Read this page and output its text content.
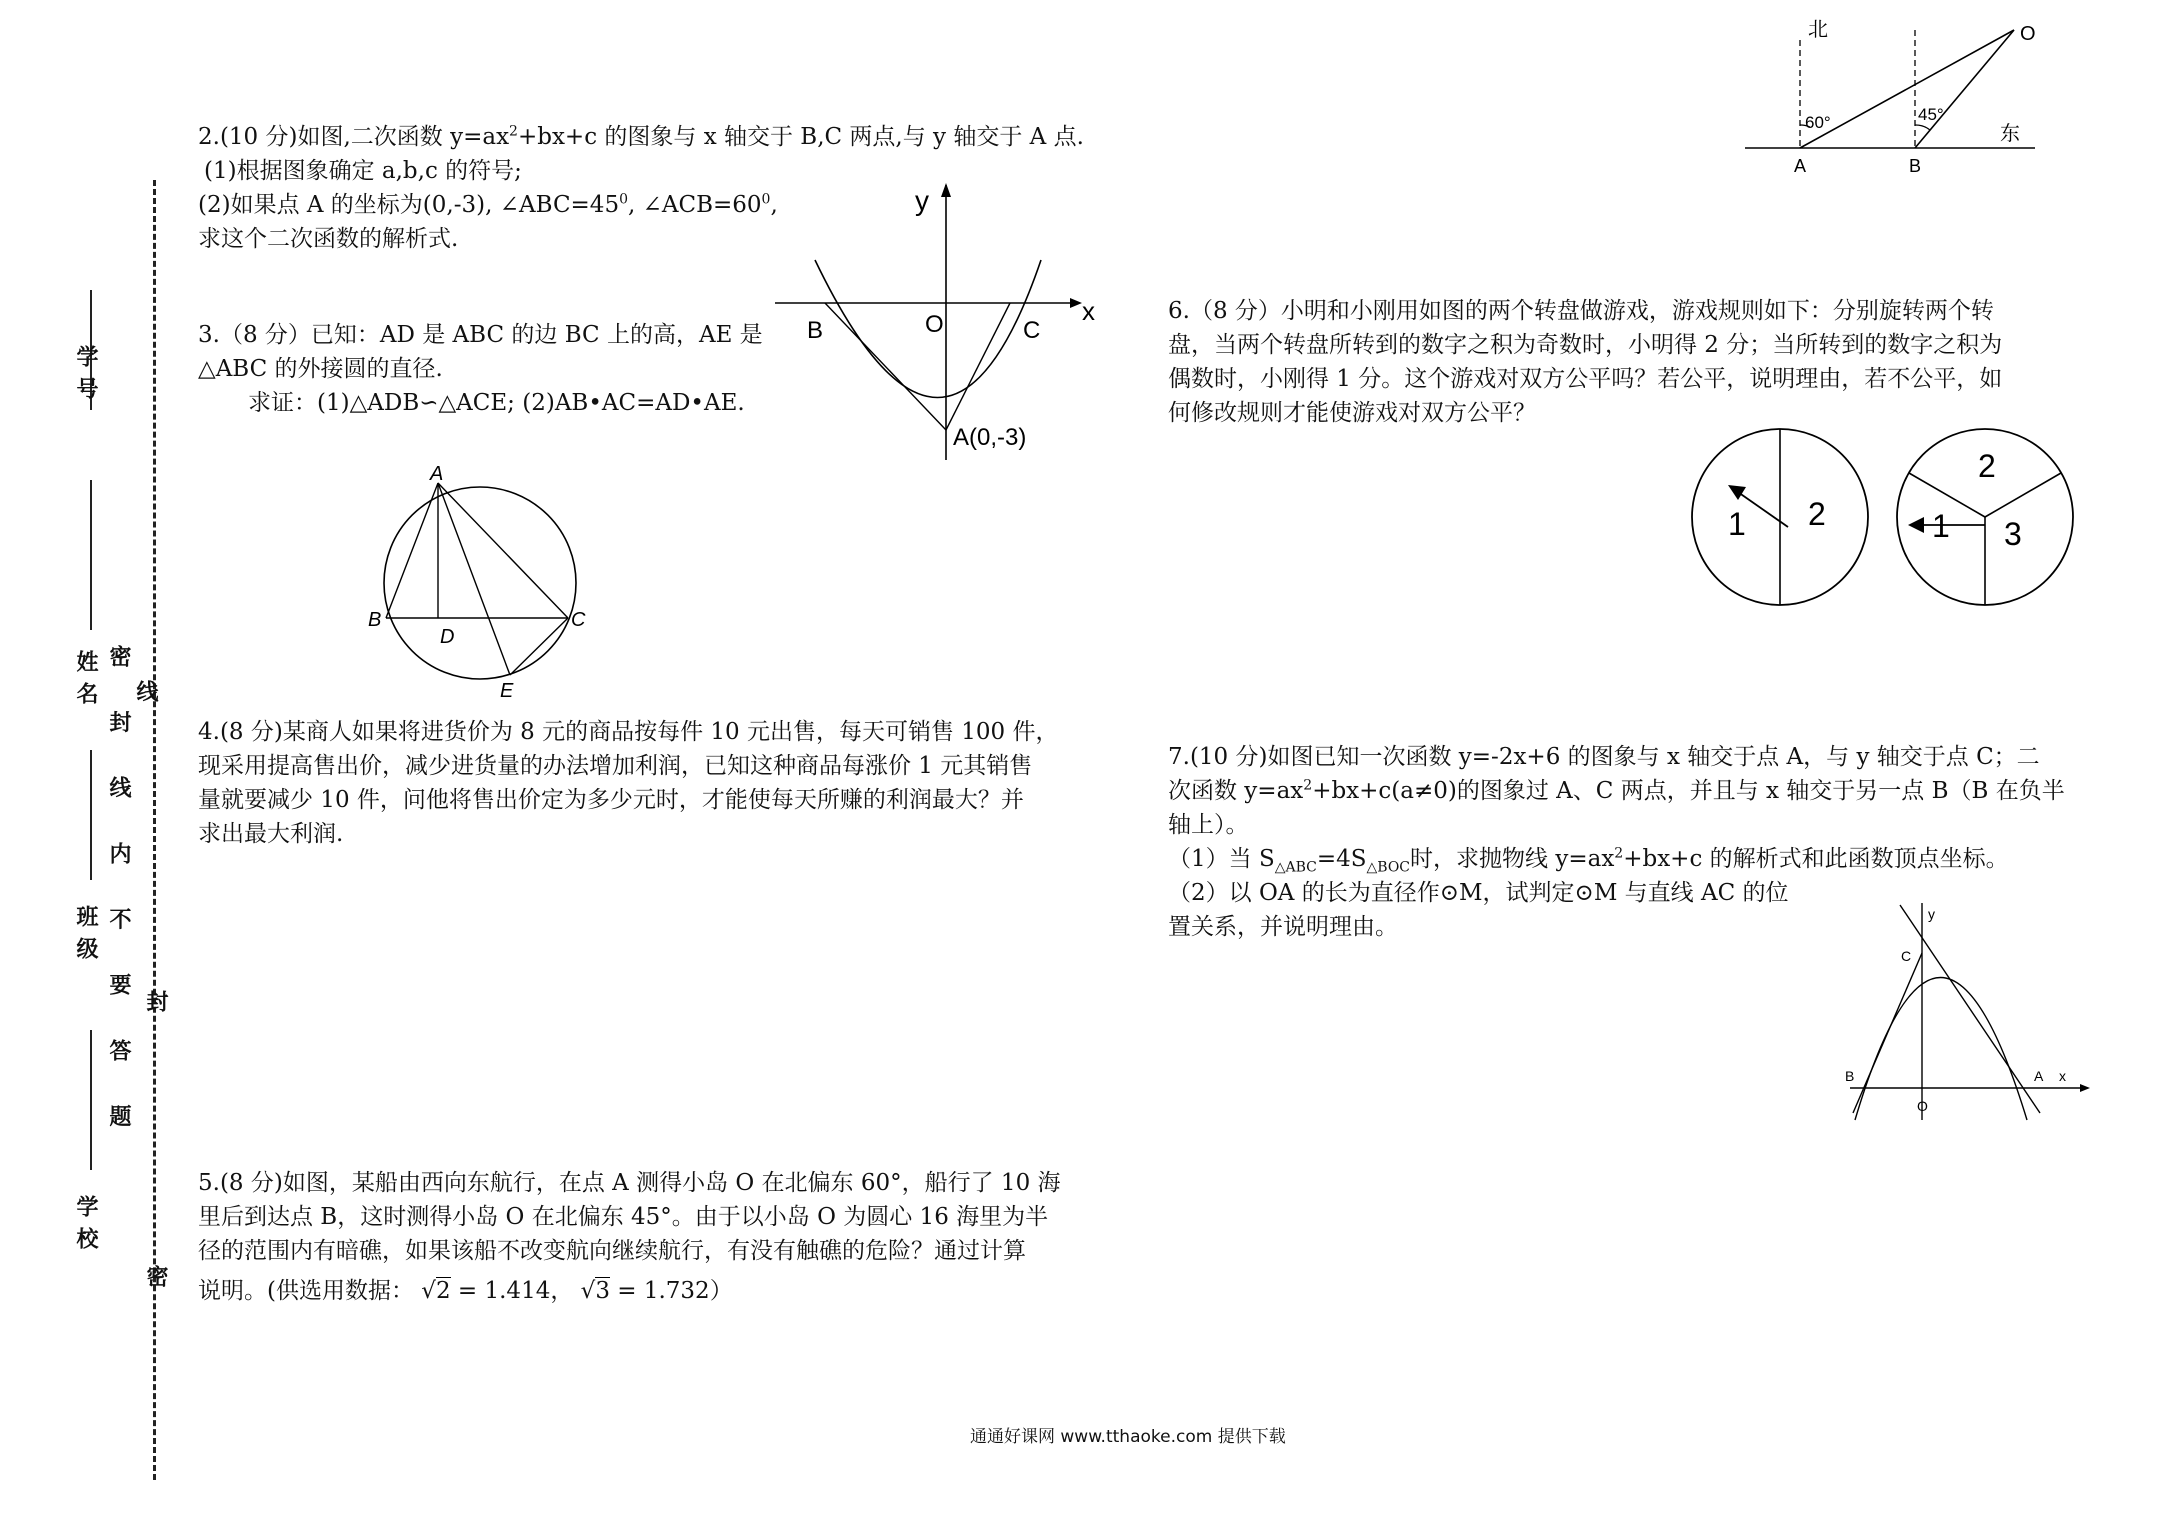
学号
姓名
班级
学校
密 封 线 内 不 要 答 题 线
封
密

2.(10 分)如图,二次函数 $y=ax^2+bx+c$ 的图象与 x 轴交于 B,C 两点,与 y 轴交于 A 点.

(1)根据图象确定 a,b,c 的符号;

(2)如果点 A 的坐标为(0,-3), $\angle ABC=45^0$, $\angle ACB=60^0$,

求这个二次函数的解析式.

y
x
B	O	C
A(0,-3)

3.（8 分）已知：AD 是 ABC 的边 BC 上的高，AE 是

△ABC 的外接圆的直径.

求证：(1)△ADB∽△ACE; (2)AB•AC=AD•AE.

A
B	C
D
E

4.(8 分)某商人如果将进货价为 8 元的商品按每件 10 元出售，每天可销售 100 件，

现采用提高售出价，减少进货量的办法增加利润，已知这种商品每涨价 1 元其销售

量就要减少 10 件，问他将售出价定为多少元时，才能使每天所赚的利润最大？并

求出最大利润.

5.(8 分)如图，某船由西向东航行，在点 A 测得小岛 O 在北偏东 60°，船行了 10 海

里后到达点 B，这时测得小岛 O 在北偏东 45°。由于以小岛 O 为圆心 16 海里为半

径的范围内有暗礁，如果该船不改变航向继续航行，有没有触礁的危险？通过计算

说明。(供选用数据： √2 = 1.414， √3 = 1.732）

北	O
60°	45°
东
A	B

6.（8 分）小明和小刚用如图的两个转盘做游戏，游戏规则如下：分别旋转两个转

盘，当两个转盘所转到的数字之积为奇数时，小明得 2 分；当所转到的数字之积为

偶数时，小刚得 1 分。这个游戏对双方公平吗？若公平，说明理由，若不公平，如

何修改规则才能使游戏对双方公平？

1 2
2
1 3

7.(10 分)如图已知一次函数 y=-2x+6 的图象与 x 轴交于点 A，与 y 轴交于点 C；二

次函数 $y=ax^2+bx+c(a\ne 0)$的图象过 A、C 两点，并且与 x 轴交于另一点 B（B 在负半

轴上）。

（1）当 $S_{\triangle ABC}=4S_{\triangle BOC}$时，求抛物线 $y=ax^2+bx+c$ 的解析式和此函数顶点坐标。

（2）以 OA 的长为直径作⊙M，试判定⊙M 与直线 AC 的位

置关系，并说明理由。	y
C
B
O
A x
通通好课网 www.tthaoke.com 提供下载
